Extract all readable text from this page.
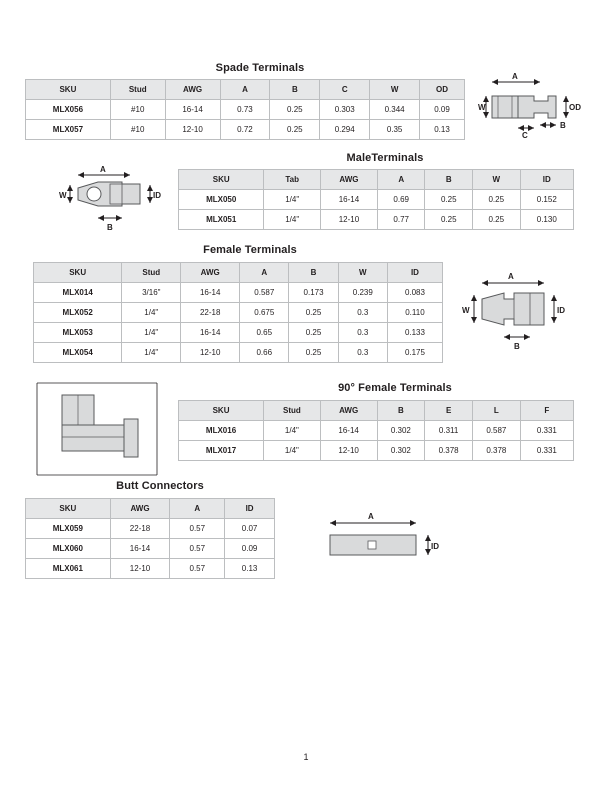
Spade Terminals
SKU	Stud	AWG	A	B	C	W	OD
MLX056	#10	16-14	0.73	0.25	0.303	0.344	0.09
MLX057	#10	12-10	0.72	0.25	0.294	0.35	0.13
A
W	OD
C
B
MaleTerminals
SKU	Tab	AWG	A	B	W	ID
MLX050	1/4"	16-14	0.69	0.25	0.25	0.152
MLX051	1/4"	12-10	0.77	0.25	0.25	0.130
A
W	ID
B
Female Terminals
SKU	Stud	AWG	A	B	W	ID
MLX014	3/16"	16-14	0.587	0.173	0.239	0.083
MLX052	1/4"	22-18	0.675	0.25	0.3	0.110
MLX053	1/4"	16-14	0.65	0.25	0.3	0.133
MLX054	1/4"	12-10	0.66	0.25	0.3	0.175
A
W	ID
B
90° Female Terminals
SKU	Stud	AWG	B	E	L	F
MLX016	1/4"	16-14	0.302	0.311	0.587	0.331
MLX017	1/4"	12-10	0.302	0.378	0.378	0.331
Butt Connectors
SKU	AWG	A	ID
MLX059	22-18	0.57	0.07
MLX060	16-14	0.57	0.09
MLX061	12-10	0.57	0.13
A
ID
1
